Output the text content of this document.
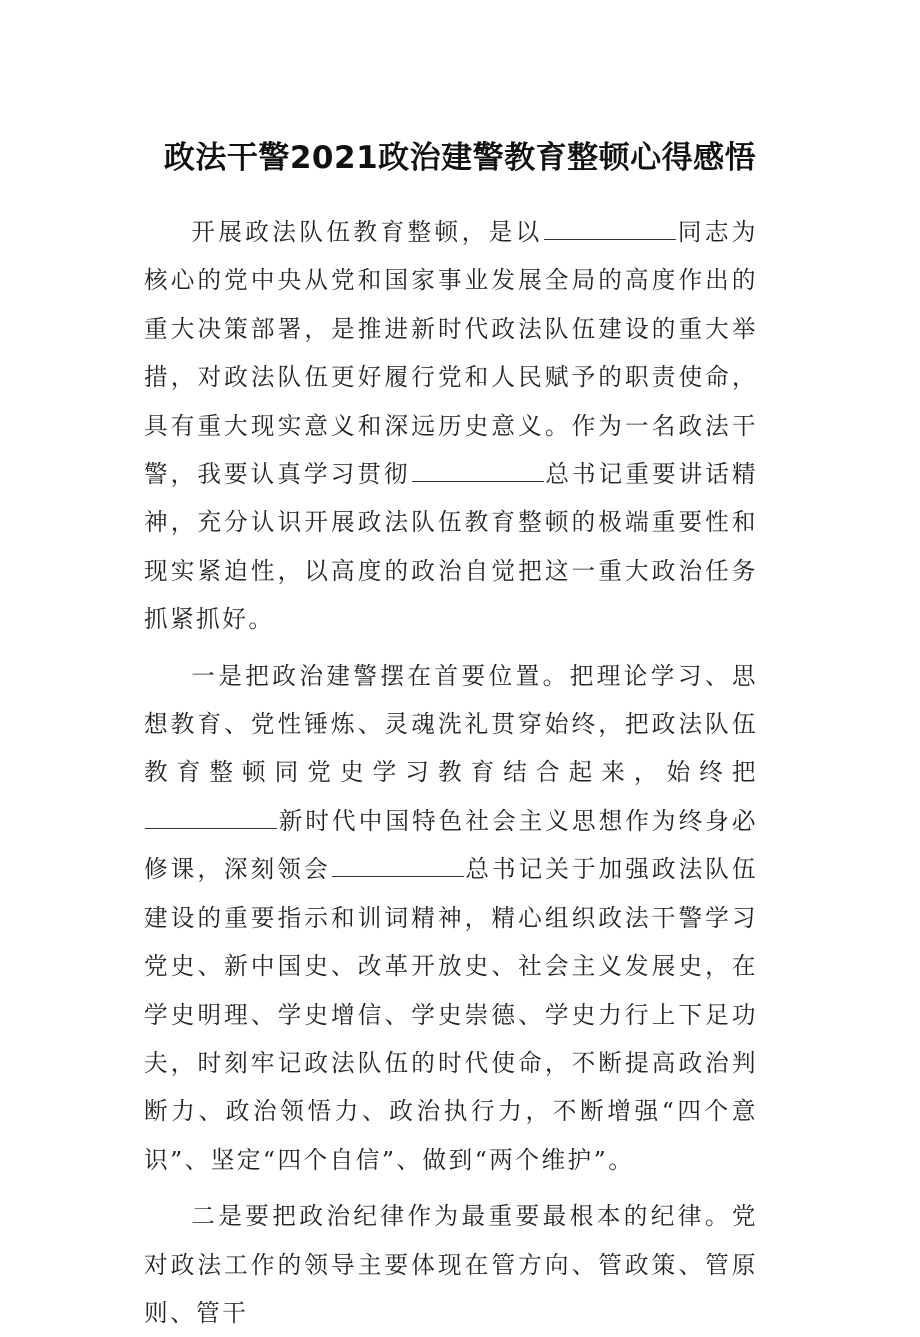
政法干警2021政治建警教育整顿心得感悟

开展政法队伍教育整顿，是以	同志为核心的党中央从党和国家事业发展全局的高度作出的重大决策部署，是推进新时代政法队伍建设的重大举措，对政法队伍更好履行党和人民赋予的职责使命，具有重大现实意义和深远历史意义。作为一名政法干警，我要认真学习贯彻	总书记重要讲话精神，充分认识开展政法队伍教育整顿的极端重要性和现实紧迫性，以高度的政治自觉把这一重大政治任务抓紧抓好。

一是把政治建警摆在首要位置。把理论学习、思想教育、党性锤炼、灵魂洗礼贯穿始终，把政法队伍教育整顿同党史学习教育结合起来，始终把新时代中国特色社会主义思想作为终身必修课，深刻领会	总书记关于加强政法队伍建设的重要指示和训词精神，精心组织政法干警学习党史、新中国史、改革开放史、社会主义发展史，在学史明理、学史增信、学史崇德、学史力行上下足功夫，时刻牢记政法队伍的时代使命，不断提高政治判断力、政治领悟力、政治执行力，不断增强“四个意识”、坚定“四个自信”、做到“两个维护”。

二是要把政治纪律作为最重要最根本的纪律。党对政法工作的领导主要体现在管方向、管政策、管原则、管干
